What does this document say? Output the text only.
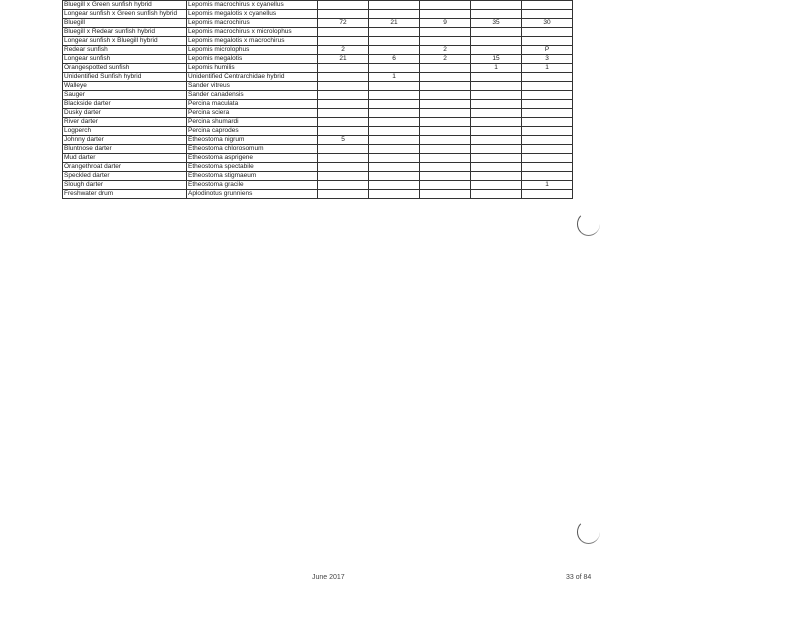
Bluegill x Green sunfish hybrid	Lepomis macrochirus x cyanellus					
Longear sunfish x Green sunfish hybrid	Lepomis megalotis x cyanellus					
Bluegill	Lepomis macrochirus	72	21	9	35	30
Bluegill x Redear sunfish hybrid	Lepomis macrochirus x microlophus					
Longear sunfish x Bluegill hybrid	Lepomis megalotis x macrochirus					
Redear sunfish	Lepomis microlophus	2		2		P
Longear sunfish	Lepomis megalotis	21	6	2	15	3
Orangespotted sunfish	Lepomis humilis				1	1
Unidentified Sunfish hybrid	Unidentified Centrarchidae hybrid		1			
Walleye	Sander vitreus					
Sauger	Sander canadensis					
Blackside darter	Percina maculata					
Dusky darter	Percina sciera					
River darter	Percina shumardi					
Logperch	Percina caprodes					
Johnny darter	Etheostoma nigrum	5				
Bluntnose darter	Etheostoma chlorosomum					
Mud darter	Etheostoma asprigene					
Orangethroat darter	Etheostoma spectabile					
Speckled darter	Etheostoma stigmaeum					
Slough darter	Etheostoma gracile					1
Freshwater drum	Aplodinotus grunniens					
June 2017	33 of 84
